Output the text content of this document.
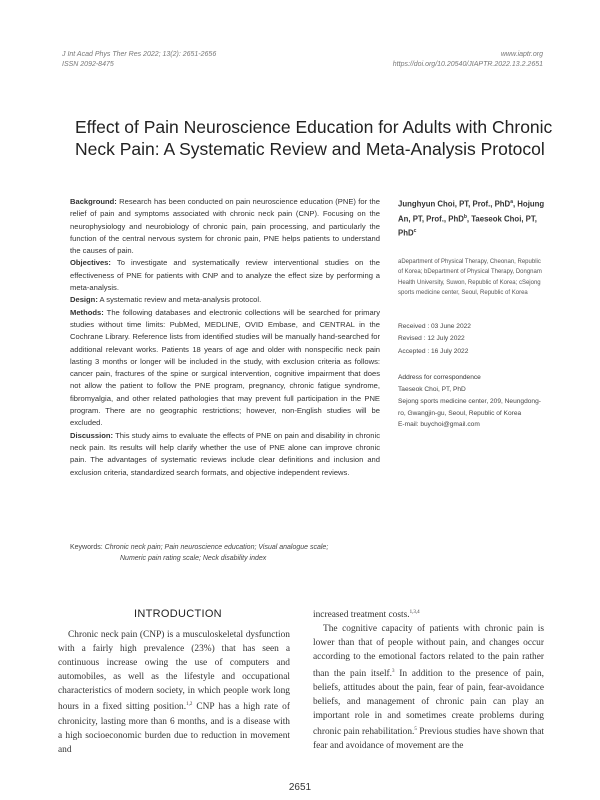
J Int Acad Phys Ther Res 2022; 13(2): 2651-2656
ISSN 2092-8475
www.iaptr.org
https://doi.org/10.20540/JIAPTR.2022.13.2.2651
Effect of Pain Neuroscience Education for Adults with Chronic Neck Pain: A Systematic Review and Meta-Analysis Protocol

Background: Research has been conducted on pain neuroscience education (PNE) for the relief of pain and symptoms associated with chronic neck pain (CNP). Focusing on the neurophysiology and neurobiology of chronic pain, pain processing, and particularly the function of the central nervous system for chronic pain, PNE helps patients to understand the causes of pain.

Objectives: To investigate and systematically review interventional studies on the effectiveness of PNE for patients with CNP and to analyze the effect size by performing a meta-analysis.

Design: A systematic review and meta-analysis protocol.

Methods: The following databases and electronic collections will be searched for primary studies without time limits: PubMed, MEDLINE, OVID Embase, and CENTRAL in the Cochrane Library. Reference lists from identified studies will be manually hand-searched for additional relevant works. Patients 18 years of age and older with nonspecific neck pain lasting 3 months or longer will be included in the study, with exclusion criteria as follows: cancer pain, fractures of the spine or surgical intervention, cognitive impairment that does not allow the patient to follow the PNE program, pregnancy, chronic fatigue syndrome, fibromyalgia, and other related pathologies that may prevent full participation in the PNE program. There are no geographic restrictions; however, non-English studies will be excluded.

Discussion: This study aims to evaluate the effects of PNE on pain and disability in chronic neck pain. Its results will help clarify whether the use of PNE alone can improve chronic pain. The advantages of systematic reviews include clear definitions and inclusion and exclusion criteria, standardized search formats, and objective independent reviews.

Junghyun Choi, PT, Prof., PhD$^a$, Hojung An, PT, Prof., PhD$^b$, Taeseok Choi, PT, PhD$^c$
aDepartment of Physical Therapy, Cheonan, Republic of Korea; bDepartment of Physical Therapy, Dongnam Health University, Suwon, Republic of Korea; cSejong sports medicine center, Seoul, Republic of Korea
Received : 03 June 2022
Revised : 12 July 2022
Accepted : 16 July 2022
Address for correspondence
Taeseok Choi, PT, PhD
Sejong sports medicine center, 209, Neungdong-ro, Gwangjin-gu, Seoul, Republic of Korea
E-mail: buychoi@gmail.com
Keywords: Chronic neck pain; Pain neuroscience education; Visual analogue scale;
Numeric pain rating scale; Neck disability index
INTRODUCTION

Chronic neck pain (CNP) is a musculoskeletal dysfunction with a fairly high prevalence (23%) that has seen a continuous increase owing the use of computers and automobiles, as well as the lifestyle and occupational characteristics of modern society, in which people work long hours in a fixed sitting position.$^{1,2}$ CNP has a high rate of chronicity, lasting more than 6 months, and is a disease with a high socioeconomic burden due to reduction in movement and

increased treatment costs.$^{1,3,4}$

The cognitive capacity of patients with chronic pain is lower than that of people without pain, and changes occur according to the emotional factors related to the pain rather than the pain itself.$^3$ In addition to the presence of pain, beliefs, attitudes about the pain, fear of pain, fear-avoidance beliefs, and management of chronic pain can play an important role in and sometimes create problems during chronic pain rehabilitation.$^5$ Previous studies have shown that fear and avoidance of movement are the

2651
